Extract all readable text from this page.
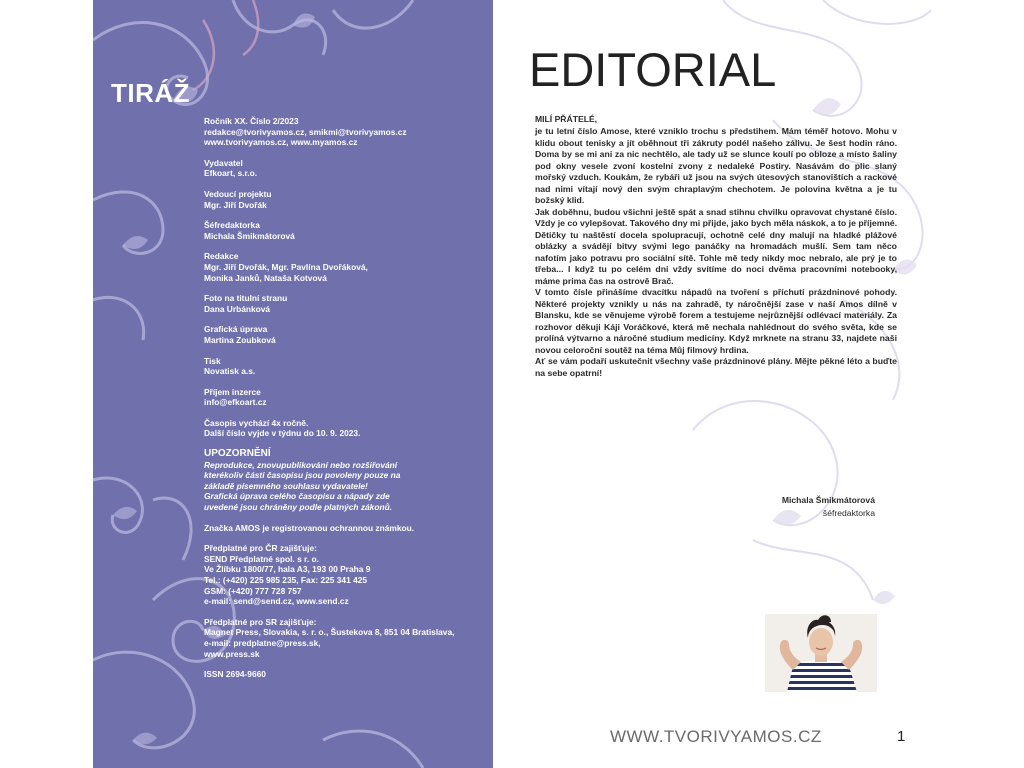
TIRÁŽ
Ročník XX. Číslo 2/2023
redakce@tvorivyamos.cz, smikmi@tvorivyamos.cz
www.tvorivyamos.cz, www.myamos.cz
Vydavatel
Efkoart, s.r.o.
Vedoucí projektu
Mgr. Jiří Dvořák
Šéfredaktorka
Michala Šmikmátorová
Redakce
Mgr. Jiří Dvořák, Mgr. Pavlína Dvořáková,
Monika Janků, Nataša Kotvová
Foto na titulní stranu
Dana Urbánková
Grafická úprava
Martina Zoubková
Tisk
Novatisk a.s.
Příjem inzerce
info@efkoart.cz
Časopis vychází 4x ročně.
Další číslo vyjde v týdnu do 10. 9. 2023.
UPOZORNĚNÍ
Reprodukce, znovupublikování nebo rozšiřování
kterékoliv části časopisu jsou povoleny pouze na
základě písemného souhlasu vydavatele!
Grafická úprava celého časopisu a nápady zde
uvedené jsou chráněny podle platných zákonů.
Značka AMOS je registrovanou ochrannou známkou.
Předplatné pro ČR zajišťuje:
SEND Předplatné spol. s r. o.
Ve Žlíbku 1800/77, hala A3, 193 00 Praha 9
Tel.: (+420) 225 985 235, Fax: 225 341 425
GSM: (+420) 777 728 757
e-mail: send@send.cz, www.send.cz
Předplatné pro SR zajišťuje:
Magnet Press, Slovakia, s. r. o., Šustekova 8, 851 04 Bratislava,
e-mail: predplatne@press.sk,
www.press.sk
ISSN 2694-9660
EDITORIAL
MILÍ PŘÁTELÉ,

je tu letní číslo Amose, které vzniklo trochu s předstihem. Mám téměř hotovo. Mohu v klidu obout tenisky a jít oběhnout tři zákruty podél našeho zálivu. Je šest hodin ráno. Doma by se mi ani za nic nechtělo, ale tady už se slunce koulí po obloze a místo šaliny pod okny vesele zvoní kostelní zvony z nedaleké Postiry. Nasávám do plic slaný mořský vzduch. Koukám, že rybáři už jsou na svých útesových stanovištích a rackové nad nimi vítají nový den svým chraplavým chechotem. Je polovina května a je tu božský klid.

Jak doběhnu, budou všichni ještě spát a snad stihnu chvilku opravovat chystané číslo. Vždy je co vylepšovat. Takového dny mi přijde, jako bych měla náskok, a to je příjemné. Dětičky tu naštěstí docela spolupracují, ochotně celé dny malují na hladké plážové oblázky a svádějí bitvy svými lego panáčky na hromadách mušlí. Sem tam něco nafotím jako potravu pro sociální sítě. Tohle mě tedy nikdy moc nebralo, ale prý je to třeba... I když tu po celém dni vždy svítíme do noci dvěma pracovními notebooky, máme prima čas na ostrově Brač.

V tomto čísle přinášíme dvacítku nápadů na tvoření s příchutí prázdninové pohody. Některé projekty vznikly u nás na zahradě, ty náročnější zase v naší Amos dílně v Blansku, kde se věnujeme výrobě forem a testujeme nejrůznější odlévací materiály. Za rozhovor děkuji Káji Voráčkové, která mě nechala nahlédnout do svého světa, kde se prolíná výtvarno a náročné studium medicíny. Když mrknete na stranu 33, najdete naši novou celoroční soutěž na téma Můj filmový hrdina.

Ať se vám podaří uskutečnit všechny vaše prázdninové plány. Mějte pěkné léto a buďte na sebe opatrní!

Michala Šmikmátorová
šéfredaktorka
WWW.TVORIVYAMOS.CZ	1
